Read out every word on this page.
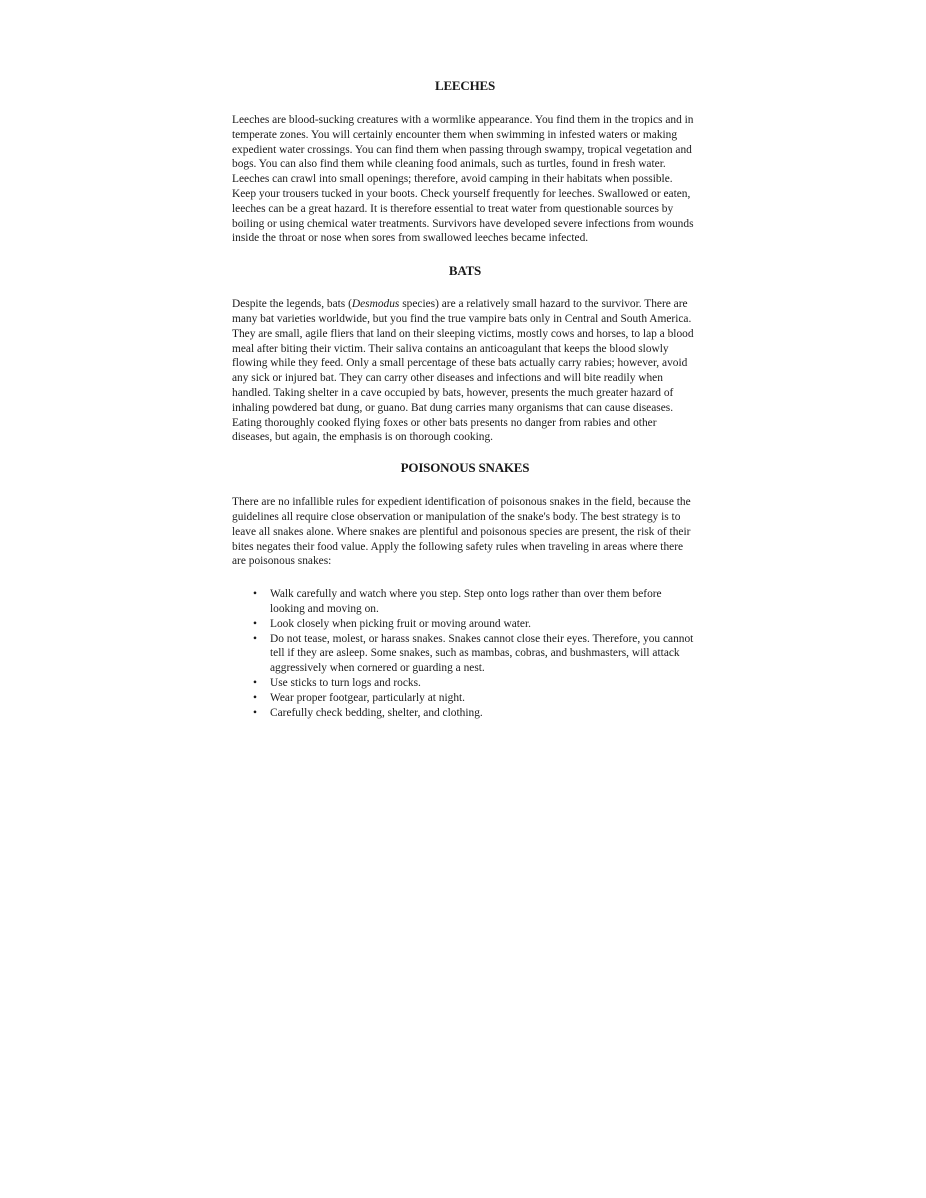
LEECHES

Leeches are blood-sucking creatures with a wormlike appearance. You find them in the tropics and in temperate zones. You will certainly encounter them when swimming in infested waters or making expedient water crossings. You can find them when passing through swampy, tropical vegetation and bogs. You can also find them while cleaning food animals, such as turtles, found in fresh water. Leeches can crawl into small openings; therefore, avoid camping in their habitats when possible. Keep your trousers tucked in your boots. Check yourself frequently for leeches. Swallowed or eaten, leeches can be a great hazard. It is therefore essential to treat water from questionable sources by boiling or using chemical water treatments. Survivors have developed severe infections from wounds inside the throat or nose when sores from swallowed leeches became infected.

BATS

Despite the legends, bats (Desmodus species) are a relatively small hazard to the survivor. There are many bat varieties worldwide, but you find the true vampire bats only in Central and South America. They are small, agile fliers that land on their sleeping victims, mostly cows and horses, to lap a blood meal after biting their victim. Their saliva contains an anticoagulant that keeps the blood slowly flowing while they feed. Only a small percentage of these bats actually carry rabies; however, avoid any sick or injured bat. They can carry other diseases and infections and will bite readily when handled. Taking shelter in a cave occupied by bats, however, presents the much greater hazard of inhaling powdered bat dung, or guano. Bat dung carries many organisms that can cause diseases. Eating thoroughly cooked flying foxes or other bats presents no danger from rabies and other diseases, but again, the emphasis is on thorough cooking.

POISONOUS SNAKES

There are no infallible rules for expedient identification of poisonous snakes in the field, because the guidelines all require close observation or manipulation of the snake's body. The best strategy is to leave all snakes alone. Where snakes are plentiful and poisonous species are present, the risk of their bites negates their food value. Apply the following safety rules when traveling in areas where there are poisonous snakes:

• Walk carefully and watch where you step. Step onto logs rather than over them before looking and moving on.
• Look closely when picking fruit or moving around water.
• Do not tease, molest, or harass snakes. Snakes cannot close their eyes. Therefore, you cannot tell if they are asleep. Some snakes, such as mambas, cobras, and bushmasters, will attack aggressively when cornered or guarding a nest.
• Use sticks to turn logs and rocks.
• Wear proper footgear, particularly at night.
• Carefully check bedding, shelter, and clothing.
